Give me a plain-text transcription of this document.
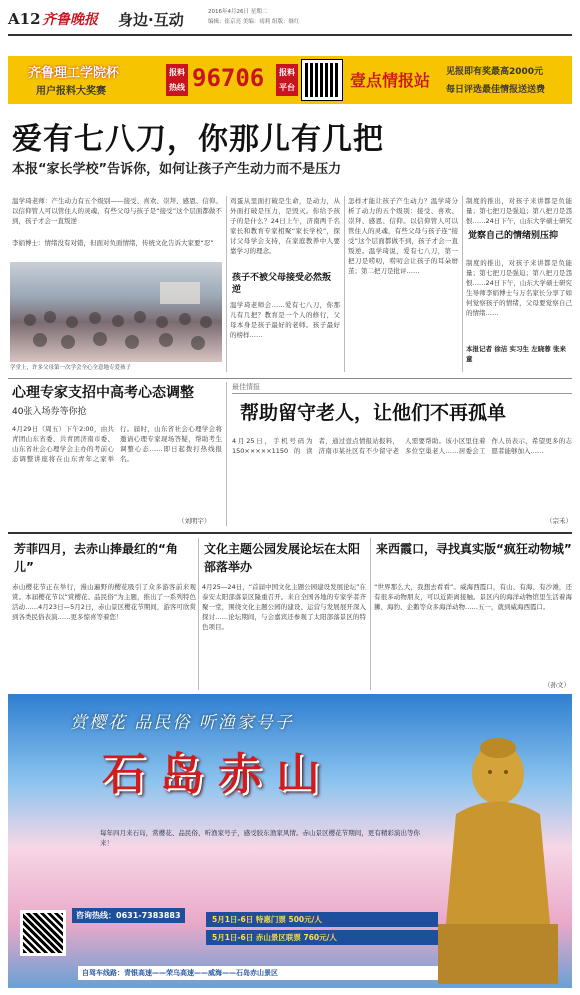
A12 齐鲁晚报 身边·互动	2016年4月26日 星期二
编辑：崔京亮 美编：靖莉 组版：继红
齐鲁理工学院杯
用户报料大奖赛
报料热线 96706	报料平台	壹点情报站 见报即有奖最高2000元
每日评选最佳情报送送费
爱有七八刀，你那儿有几把
本报“家长学校”告诉你，如何让孩子产生动力而不是压力
温学琦老师：产生动力有五个级别——接受、喜欢、崇拜、感恩、信仰。以信仰管人可以管住人的灵魂，有些父母与孩子是“接受”这个层面都做不到，孩子才会一直叛逆
李娟博士：情绪没有对错，但面对负面情绪，传统文化告诉大家要“忍”
学堂上，许多父母第一次学会全心全意地专爱孩子
鸡蛋从里面打破是生命，是动力，从外面打破是压力，是毁灭。你给予孩子的是什么？24日上午，济南两千名家长和教育专家相聚“家长学校”，探讨父母学会支持，在家庭教养中人要靠学习的理念。
孩子不被父母接受必然叛逆
温学琦老师会……爱有七八刀，你那儿有几把？教育是一个人的修行，父母本身是孩子最好的老师。孩子最好的榜样……
怎样才能让孩子产生动力？温学琦分析了动力的五个级别：接受、喜欢、崇拜、感恩、信仰。以信仰管人可以管住人的灵魂，有些父母与孩子连“接受”这个层面都做不到，孩子才会一直叛逆。温学琦说，爱有七八刀，第一把刀是唠叨，唠叨会让孩子的耳朵磨茧；第二把刀是批评……
制度的推出，对孩子来讲都是负能量；第七把刀是强迫；第八把刀是怨恨……24日下午，山东大学硕士研究
觉察自己的情绪别压抑
制度的推出，对孩子来讲都是负能量；第七把刀是强迫；第八把刀是怨恨……24日下午，山东大学硕士研究生导师李娟博士与万名家长分享了如何觉察孩子的情绪，父母要觉察自己的情绪……
本报记者 徐洁 实习生 左晓蓉 张来童
心理专家支招中高考心态调整
40张入场券等你抢
4月29日（周五）下午2:00，由共青团山东省委、共青团济南市委、山东省社会心理学会主办的考前心态调整讲座将在山东青年之家举行。届时，山东省社会心理学会将邀请心理专家现场答疑，帮助考生调整心态……即日起拨打热线报名。
（刘明宇）
最佳情报
帮助留守老人，让他们不再孤单
4月25日，手机号码为150×××××1150的读者，通过壹点情报站报料，济南市某社区有不少留守老人需要帮助。该小区里住着多位空巢老人……居委会工作人员表示，希望更多的志愿者能够加入……
（宗禾）
芳菲四月，去赤山捧最红的“角儿”
赤山樱花节正在举行，漫山遍野的樱花吸引了众多游客前来观赏。本届樱花节以“赏樱花、品民俗”为主题，推出了一系列特色活动……4月23日—5月2日，赤山景区樱花节期间，游客可欣赏到各类民俗表演……更多惊喜等着您！
文化主题公园发展论坛在太阳部落举办
4月25—24日，“首届中国文化主题公园建设发展论坛”在泰安太阳部落景区隆重召开。来自全国各地的专家学者齐聚一堂，围绕文化主题公园的建设、运营与发展展开深入探讨……论坛期间，与会嘉宾还参观了太阳部落景区的特色项目。
来西霞口，寻找真实版“疯狂动物城”
“世界那么大，我想去看看”。威海西霞口，有山、有海、有沙滩，还有很多动物朋友，可以近距离接触。景区内的海洋动物馆里生活着海狮、海豹、企鹅等众多海洋动物……五一，就到威海西霞口。
（孙文）
赏樱花 品民俗 听渔家号子
石岛赤山
每年四月来石岛，赏樱花、品民俗、听渔家号子，感受胶东渔家风情。赤山景区樱花节期间，更有精彩演出等你来！
咨询热线：0631-7383883	5月1日-6日 特惠门票 500元/人
5月1日-6日 赤山景区联票 760元/人
自驾车线路：青银高速——荣乌高速——威海——石岛赤山景区
